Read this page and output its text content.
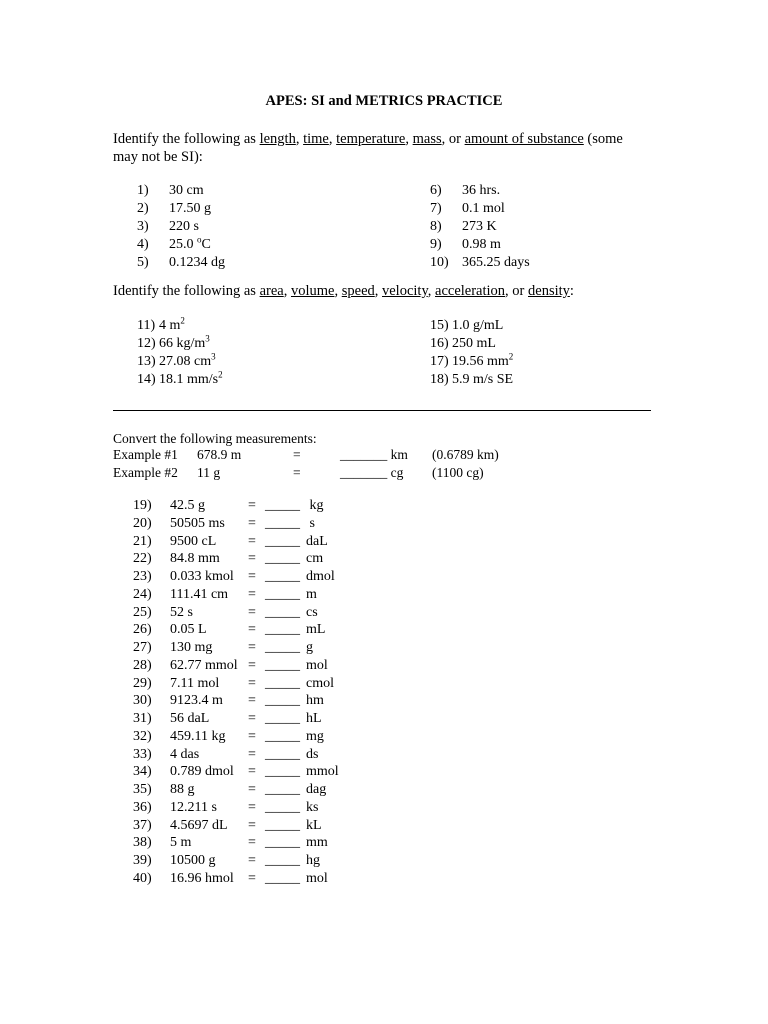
APES: SI and METRICS PRACTICE
Identify the following as length, time, temperature, mass, or amount of substance (some
may not be SI):
1) 30 cm
2) 17.50 g
3) 220 s
4) 25.0 $^o$C
5) 0.1234 dg
6) 36 hrs.
7) 0.1 mol
8) 273 K
9) 0.98 m
10) 365.25 days
Identify the following as area, volume, speed, velocity, acceleration, or density:
11) 4 $m^2$
12) 66 $kg/m^3$
13) 27.08 $cm^3$
14) 18.1 $mm/s^2$
15) 1.0 g/mL
16) 250 mL
17) 19.56 $mm^2$
18) 5.9 m/s SE
Convert the following measurements:
Example #1 678.9 m	=	_______ km (0.6789 km)
Example #2 11 g	=	_______ cg (1100 cg)
19) 42.5 g	= _____ kg
20) 50505 ms = _____ s
21) 9500 cL = _____ daL
22) 84.8 mm = _____ cm
23) 0.033 kmol = _____ dmol
24) 111.41 cm = _____ m
25) 52 s	= _____ cs
26) 0.05 L	= _____ mL
27) 130 mg	= _____ g
28) 62.77 mmol = _____ mol
29) 7.11 mol = _____ cmol
30) 9123.4 m = _____ hm
31) 56 daL	= _____ hL
32) 459.11 kg = _____ mg
33) 4 das	= _____ ds
34) 0.789 dmol = _____ mmol
35) 88 g	= _____ dag
36) 12.211 s = _____ ks
37) 4.5697 dL = _____ kL
38) 5 m	= _____ mm
39) 10500 g = _____ hg
40) 16.96 hmol = _____ mol
